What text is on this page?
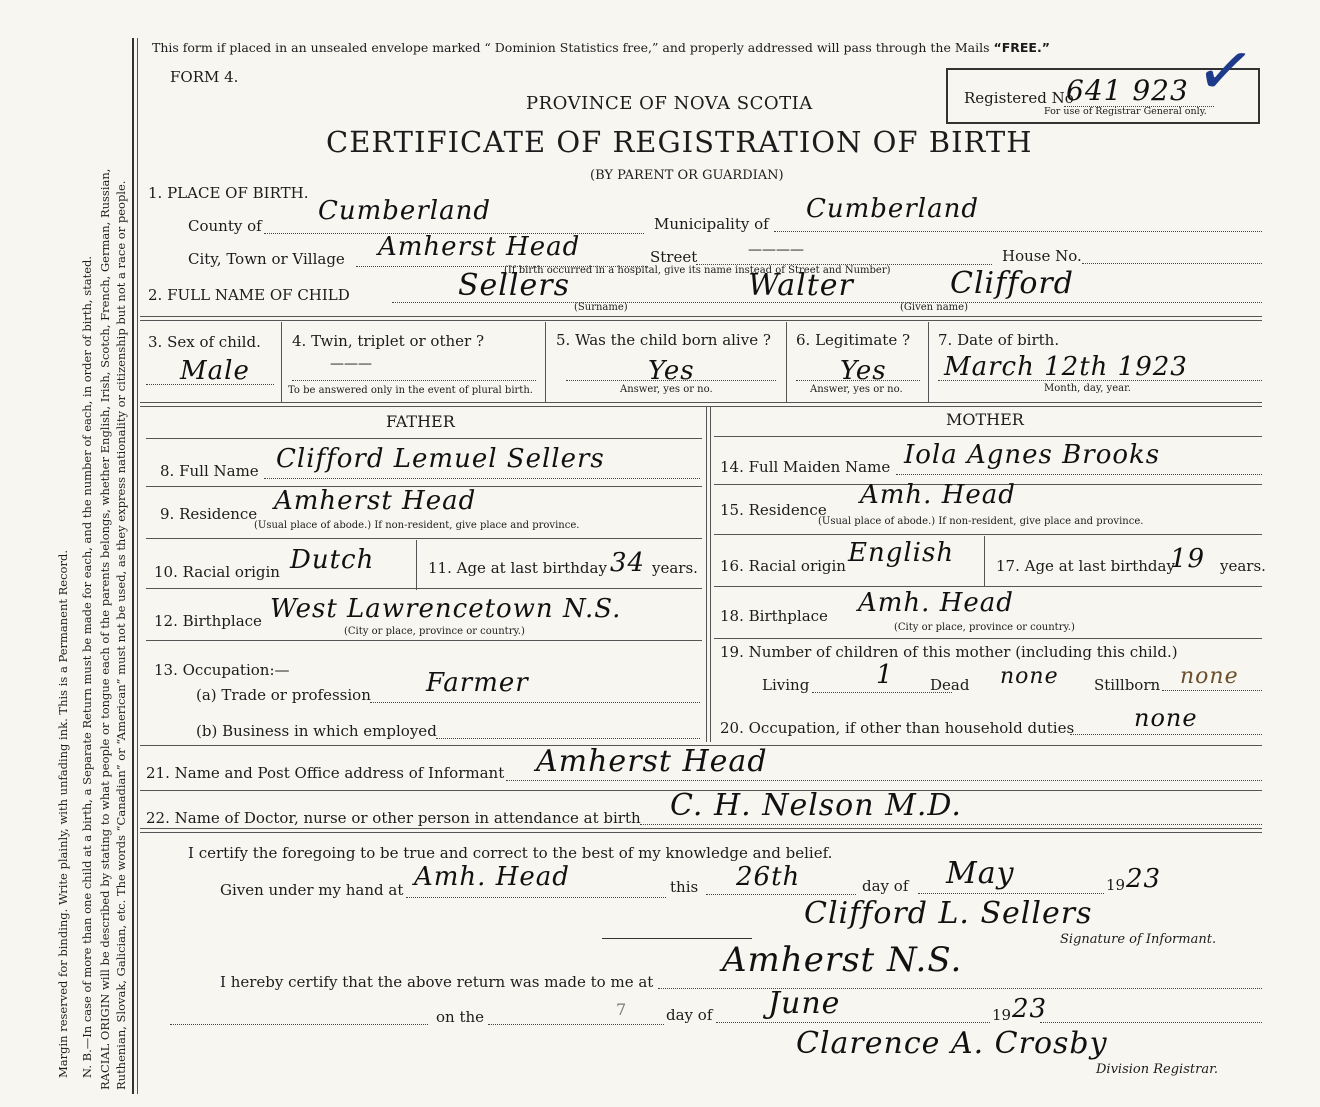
Margin reserved for binding. Write plainly, with unfading ink. This is a Permanent Record. N. B.—In case of more than one child at a birth, a Separate Return must be made for each, and the number of each, in order of birth, stated. RACIAL ORIGIN will be described by stating to what people or tongue each of the parents belongs, whether English, Irish, Scotch, French, German, Russian, Ruthenian, Slovak, Galician, etc. The words “Canadian” or “American” must not be used, as they express nationality or citizenship but not a race or people.
This form if placed in an unsealed envelope marked “ Dominion Statistics free,” and properly addressed will pass through the Mails “FREE.”
FORM 4.
PROVINCE OF NOVA SCOTIA
CERTIFICATE OF REGISTRATION OF BIRTH
(BY PARENT OR GUARDIAN)
Registered No
641 923
For use of Registrar General only.
✓
1. PLACE OF BIRTH.
County of Cumberland	Municipality of Cumberland
City, Town or Village Amherst Head	Street	————	House No.
(If birth occurred in a hospital, give its name instead of Street and Number)
2. FULL NAME OF CHILD	Sellers	Walter	Clifford
(Surname)	(Given name)
3. Sex of child.
Male
4. Twin, triplet or other ?
———
To be answered only in the event of plural birth.
5. Was the child born alive ?
Yes
Answer, yes or no.
6. Legitimate ?
Yes
Answer, yes or no.
7. Date of birth.
March 12th 1923
Month, day, year.
FATHER	MOTHER
8. Full Name Clifford Lemuel Sellers
9. Residence Amherst Head
(Usual place of abode.) If non-resident, give place and province.
10. Racial origin Dutch	11. Age at last birthday 34 years.
12. Birthplace West Lawrencetown N.S.
(City or place, province or country.)
13. Occupation:—
(a) Trade or profession Farmer
(b) Business in which employed
14. Full Maiden Name Iola Agnes Brooks
15. Residence Amh. Head
(Usual place of abode.) If non-resident, give place and province.
16. Racial origin English	17. Age at last birthday
19 years.
18. Birthplace Amh. Head
(City or place, province or country.)
19. Number of children of this mother (including this child.)
Living	1 Dead none Stillborn none
20. Occupation, if other than household duties none
21. Name and Post Office address of Informant Amherst Head
22. Name of Doctor, nurse or other person in attendance at birth C. H. Nelson M.D.
I certify the foregoing to be true and correct to the best of my knowledge and belief.
Given under my hand at Amh. Head	this 26th	day of May	19 23
Clifford L. Sellers
Signature of Informant.
I hereby certify that the above return was made to me at
Amherst N.S.
on the	7	day of June	19 23
Clarence A. Crosby
Division Registrar.
